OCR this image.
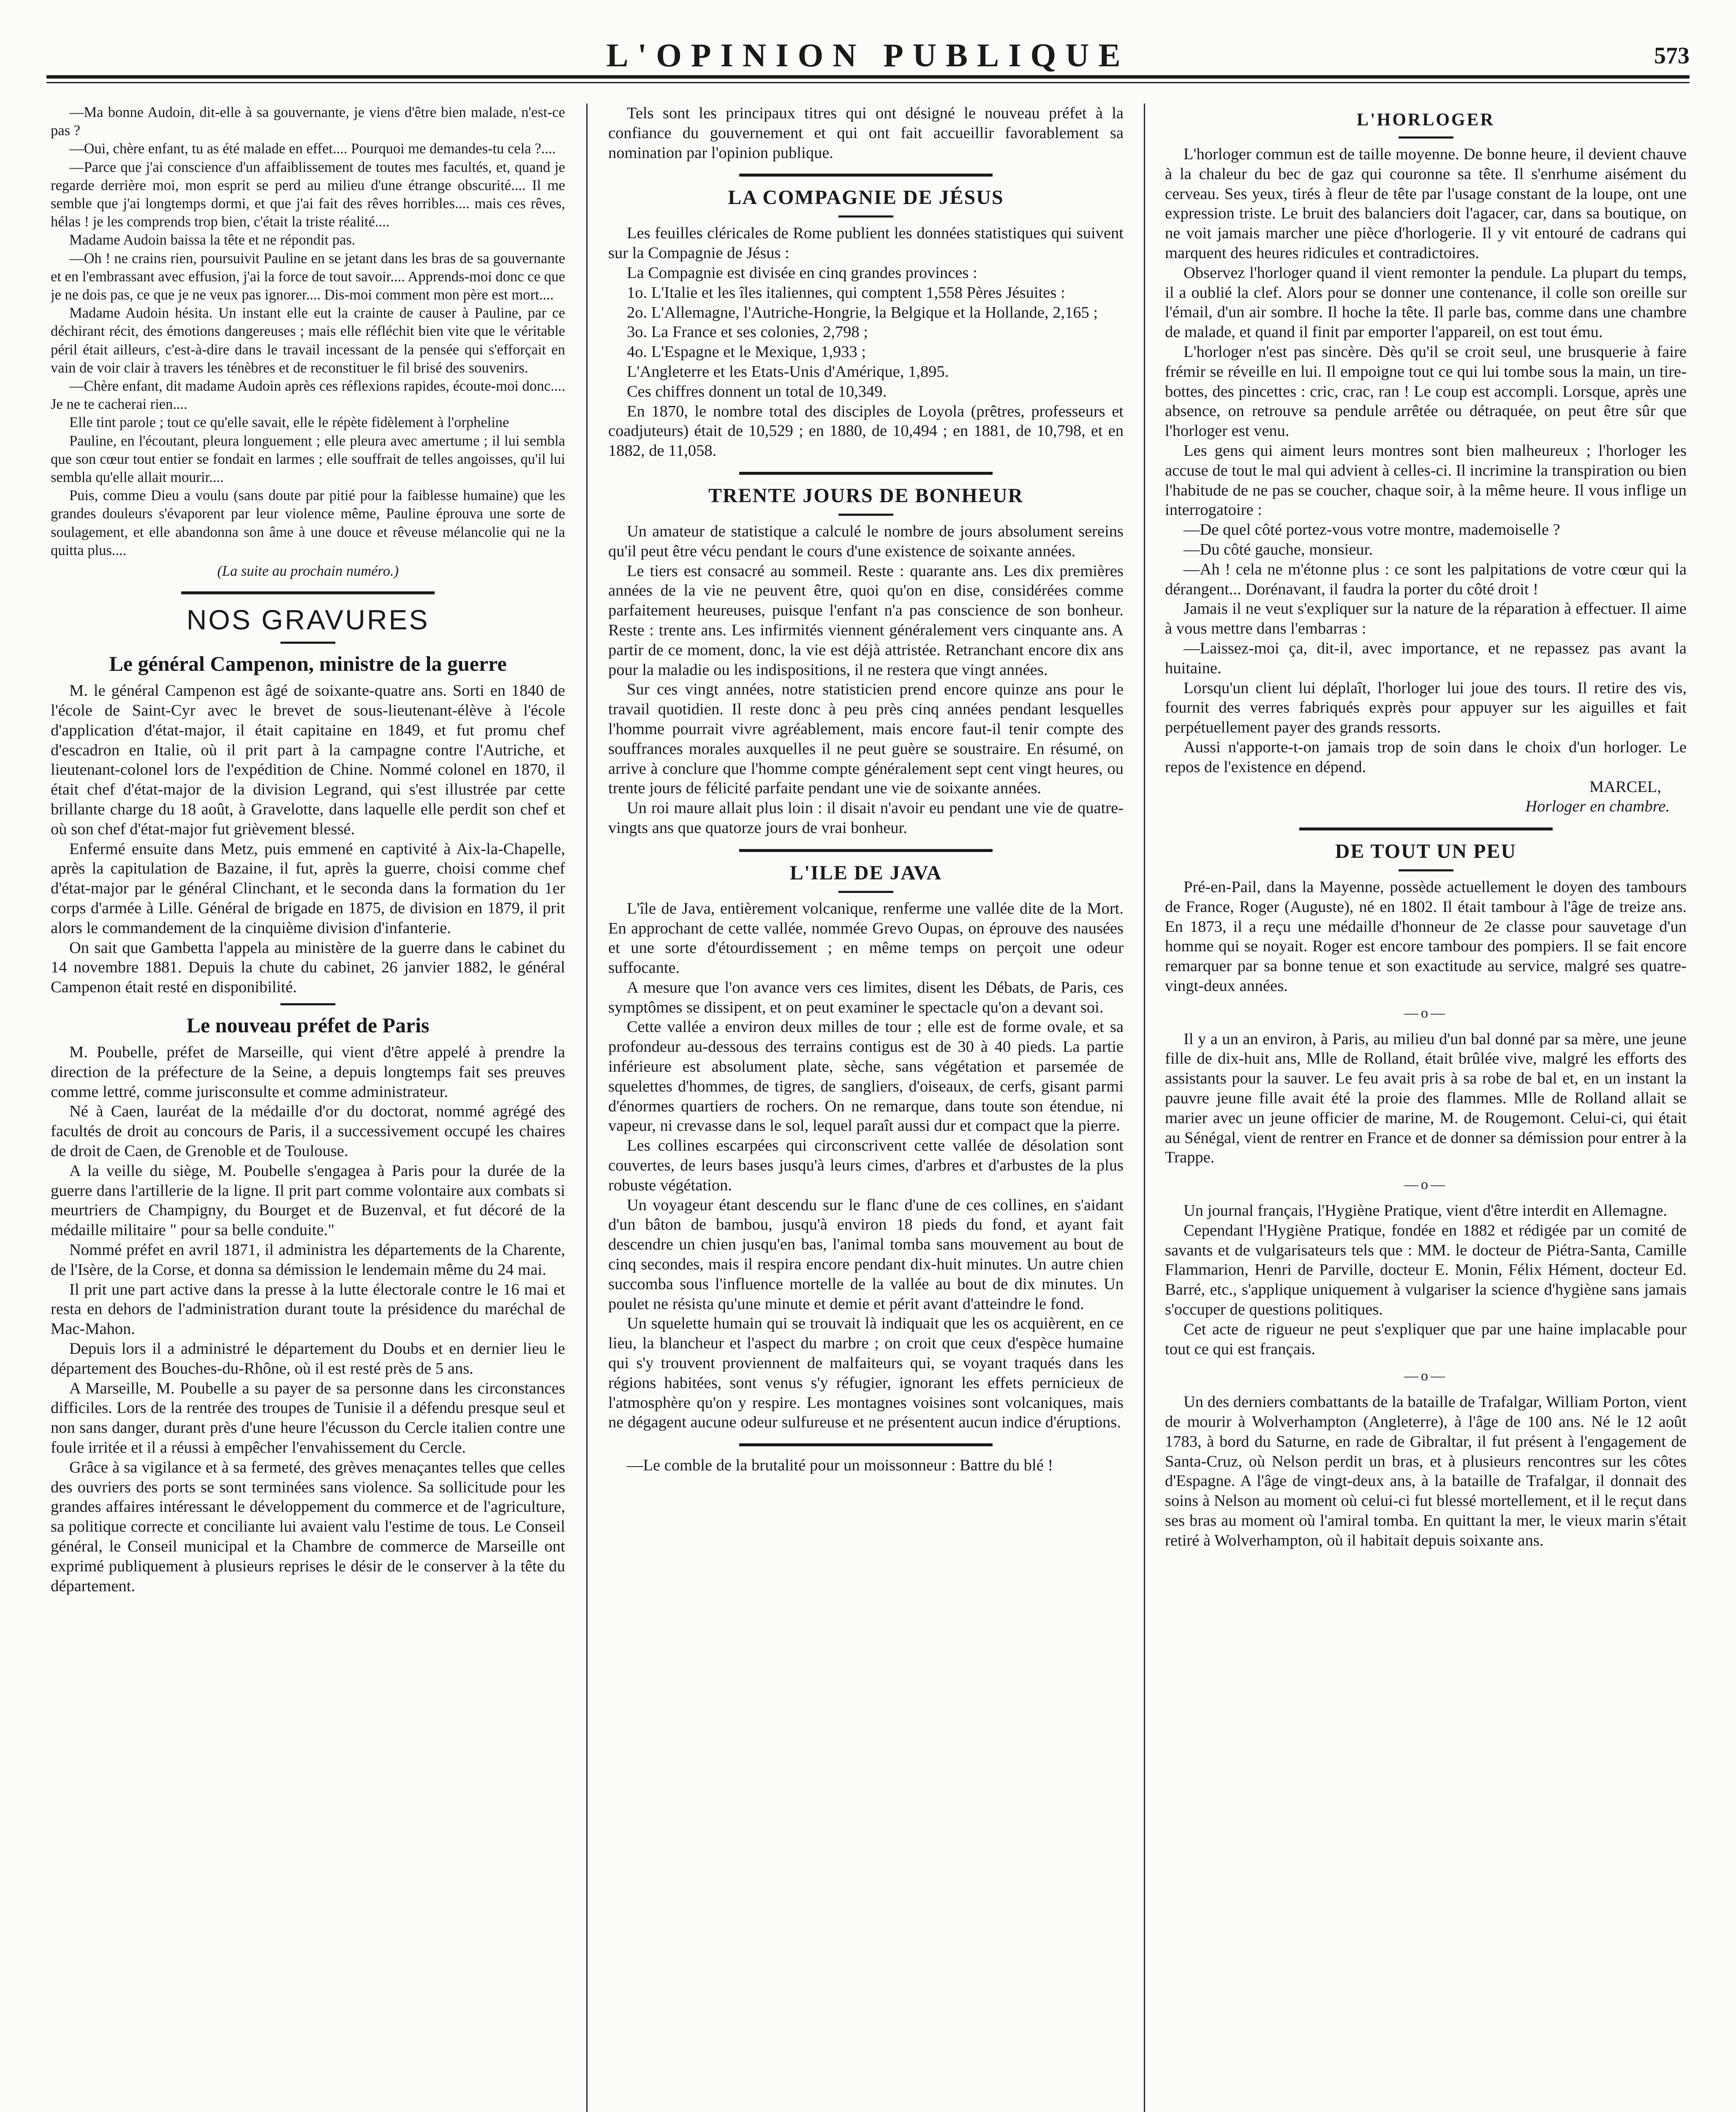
L'OPINION PUBLIQUE	573

—Ma bonne Audoin, dit-elle à sa gouvernante, je viens d'être bien malade, n'est-ce pas ?

—Oui, chère enfant, tu as été malade en effet.... Pourquoi me demandes-tu cela ?....

—Parce que j'ai conscience d'un affaiblissement de toutes mes facultés, et, quand je regarde derrière moi, mon esprit se perd au milieu d'une étrange obscurité.... Il me semble que j'ai longtemps dormi, et que j'ai fait des rêves horribles.... mais ces rêves, hélas ! je les comprends trop bien, c'était la triste réalité....

Madame Audoin baissa la tête et ne répondit pas.

—Oh ! ne crains rien, poursuivit Pauline en se jetant dans les bras de sa gouvernante et en l'embrassant avec effusion, j'ai la force de tout savoir.... Apprends-moi donc ce que je ne dois pas, ce que je ne veux pas ignorer.... Dis-moi comment mon père est mort....

Madame Audoin hésita. Un instant elle eut la crainte de causer à Pauline, par ce déchirant récit, des émotions dangereuses ; mais elle réfléchit bien vite que le véritable péril était ailleurs, c'est-à-dire dans le travail incessant de la pensée qui s'efforçait en vain de voir clair à travers les ténèbres et de reconstituer le fil brisé des souvenirs.

—Chère enfant, dit madame Audoin après ces réflexions rapides, écoute-moi donc.... Je ne te cacherai rien....

Elle tint parole ; tout ce qu'elle savait, elle le répète fidèlement à l'orpheline

Pauline, en l'écoutant, pleura longuement ; elle pleura avec amertume ; il lui sembla que son cœur tout entier se fondait en larmes ; elle souffrait de telles angoisses, qu'il lui sembla qu'elle allait mourir....

Puis, comme Dieu a voulu (sans doute par pitié pour la faiblesse humaine) que les grandes douleurs s'évaporent par leur violence même, Pauline éprouva une sorte de soulagement, et elle abandonna son âme à une douce et rêveuse mélancolie qui ne la quitta plus....

(La suite au prochain numéro.)

NOS GRAVURES
Le général Campenon, ministre de la guerre

M. le général Campenon est âgé de soixante-quatre ans. Sorti en 1840 de l'école de Saint-Cyr avec le brevet de sous-lieutenant-élève à l'école d'application d'état-major, il était capitaine en 1849, et fut promu chef d'escadron en Italie, où il prit part à la campagne contre l'Autriche, et lieutenant-colonel lors de l'expédition de Chine. Nommé colonel en 1870, il était chef d'état-major de la division Legrand, qui s'est illustrée par cette brillante charge du 18 août, à Gravelotte, dans laquelle elle perdit son chef et où son chef d'état-major fut grièvement blessé.

Enfermé ensuite dans Metz, puis emmené en captivité à Aix-la-Chapelle, après la capitulation de Bazaine, il fut, après la guerre, choisi comme chef d'état-major par le général Clinchant, et le seconda dans la formation du 1er corps d'armée à Lille. Général de brigade en 1875, de division en 1879, il prit alors le commandement de la cinquième division d'infanterie.

On sait que Gambetta l'appela au ministère de la guerre dans le cabinet du 14 novembre 1881. Depuis la chute du cabinet, 26 janvier 1882, le général Campenon était resté en disponibilité.

Le nouveau préfet de Paris

M. Poubelle, préfet de Marseille, qui vient d'être appelé à prendre la direction de la préfecture de la Seine, a depuis longtemps fait ses preuves comme lettré, comme jurisconsulte et comme administrateur.

Né à Caen, lauréat de la médaille d'or du doctorat, nommé agrégé des facultés de droit au concours de Paris, il a successivement occupé les chaires de droit de Caen, de Grenoble et de Toulouse.

A la veille du siège, M. Poubelle s'engagea à Paris pour la durée de la guerre dans l'artillerie de la ligne. Il prit part comme volontaire aux combats si meurtriers de Champigny, du Bourget et de Buzenval, et fut décoré de la médaille militaire " pour sa belle conduite."

Nommé préfet en avril 1871, il administra les départements de la Charente, de l'Isère, de la Corse, et donna sa démission le lendemain même du 24 mai.

Il prit une part active dans la presse à la lutte électorale contre le 16 mai et resta en dehors de l'administration durant toute la présidence du maréchal de Mac-Mahon.

Depuis lors il a administré le département du Doubs et en dernier lieu le département des Bouches-du-Rhône, où il est resté près de 5 ans.

A Marseille, M. Poubelle a su payer de sa personne dans les circonstances difficiles. Lors de la rentrée des troupes de Tunisie il a défendu presque seul et non sans danger, durant près d'une heure l'écusson du Cercle italien contre une foule irritée et il a réussi à empêcher l'envahissement du Cercle.

Grâce à sa vigilance et à sa fermeté, des grèves menaçantes telles que celles des ouvriers des ports se sont terminées sans violence. Sa sollicitude pour les grandes affaires intéressant le développement du commerce et de l'agriculture, sa politique correcte et conciliante lui avaient valu l'estime de tous. Le Conseil général, le Conseil municipal et la Chambre de commerce de Marseille ont exprimé publiquement à plusieurs reprises le désir de le conserver à la tête du département.

Tels sont les principaux titres qui ont désigné le nouveau préfet à la confiance du gouvernement et qui ont fait accueillir favorablement sa nomination par l'opinion publique.

LA COMPAGNIE DE JÉSUS

Les feuilles cléricales de Rome publient les données statistiques qui suivent sur la Compagnie de Jésus :

La Compagnie est divisée en cinq grandes provinces :

1o. L'Italie et les îles italiennes, qui comptent 1,558 Pères Jésuites :

2o. L'Allemagne, l'Autriche-Hongrie, la Belgique et la Hollande, 2,165 ;

3o. La France et ses colonies, 2,798 ;

4o. L'Espagne et le Mexique, 1,933 ;

L'Angleterre et les Etats-Unis d'Amérique, 1,895.

Ces chiffres donnent un total de 10,349.

En 1870, le nombre total des disciples de Loyola (prêtres, professeurs et coadjuteurs) était de 10,529 ; en 1880, de 10,494 ; en 1881, de 10,798, et en 1882, de 11,058.

TRENTE JOURS DE BONHEUR

Un amateur de statistique a calculé le nombre de jours absolument sereins qu'il peut être vécu pendant le cours d'une existence de soixante années.

Le tiers est consacré au sommeil. Reste : quarante ans. Les dix premières années de la vie ne peuvent être, quoi qu'on en dise, considérées comme parfaitement heureuses, puisque l'enfant n'a pas conscience de son bonheur. Reste : trente ans. Les infirmités viennent généralement vers cinquante ans. A partir de ce moment, donc, la vie est déjà attristée. Retranchant encore dix ans pour la maladie ou les indispositions, il ne restera que vingt années.

Sur ces vingt années, notre statisticien prend encore quinze ans pour le travail quotidien. Il reste donc à peu près cinq années pendant lesquelles l'homme pourrait vivre agréablement, mais encore faut-il tenir compte des souffrances morales auxquelles il ne peut guère se soustraire. En résumé, on arrive à conclure que l'homme compte généralement sept cent vingt heures, ou trente jours de félicité parfaite pendant une vie de soixante années.

Un roi maure allait plus loin : il disait n'avoir eu pendant une vie de quatre-vingts ans que quatorze jours de vrai bonheur.

L'ILE DE JAVA

L'île de Java, entièrement volcanique, renferme une vallée dite de la Mort. En approchant de cette vallée, nommée Grevo Oupas, on éprouve des nausées et une sorte d'étourdissement ; en même temps on perçoit une odeur suffocante.

A mesure que l'on avance vers ces limites, disent les Débats, de Paris, ces symptômes se dissipent, et on peut examiner le spectacle qu'on a devant soi.

Cette vallée a environ deux milles de tour ; elle est de forme ovale, et sa profondeur au-dessous des terrains contigus est de 30 à 40 pieds. La partie inférieure est absolument plate, sèche, sans végétation et parsemée de squelettes d'hommes, de tigres, de sangliers, d'oiseaux, de cerfs, gisant parmi d'énormes quartiers de rochers. On ne remarque, dans toute son étendue, ni vapeur, ni crevasse dans le sol, lequel paraît aussi dur et compact que la pierre.

Les collines escarpées qui circonscrivent cette vallée de désolation sont couvertes, de leurs bases jusqu'à leurs cimes, d'arbres et d'arbustes de la plus robuste végétation.

Un voyageur étant descendu sur le flanc d'une de ces collines, en s'aidant d'un bâton de bambou, jusqu'à environ 18 pieds du fond, et ayant fait descendre un chien jusqu'en bas, l'animal tomba sans mouvement au bout de cinq secondes, mais il respira encore pendant dix-huit minutes. Un autre chien succomba sous l'influence mortelle de la vallée au bout de dix minutes. Un poulet ne résista qu'une minute et demie et périt avant d'atteindre le fond.

Un squelette humain qui se trouvait là indiquait que les os acquièrent, en ce lieu, la blancheur et l'aspect du marbre ; on croit que ceux d'espèce humaine qui s'y trouvent proviennent de malfaiteurs qui, se voyant traqués dans les régions habitées, sont venus s'y réfugier, ignorant les effets pernicieux de l'atmosphère qu'on y respire. Les montagnes voisines sont volcaniques, mais ne dégagent aucune odeur sulfureuse et ne présentent aucun indice d'éruptions.

—Le comble de la brutalité pour un moissonneur : Battre du blé !

L'HORLOGER

L'horloger commun est de taille moyenne. De bonne heure, il devient chauve à la chaleur du bec de gaz qui couronne sa tête. Il s'enrhume aisément du cerveau. Ses yeux, tirés à fleur de tête par l'usage constant de la loupe, ont une expression triste. Le bruit des balanciers doit l'agacer, car, dans sa boutique, on ne voit jamais marcher une pièce d'horlogerie. Il y vit entouré de cadrans qui marquent des heures ridicules et contradictoires.

Observez l'horloger quand il vient remonter la pendule. La plupart du temps, il a oublié la clef. Alors pour se donner une contenance, il colle son oreille sur l'émail, d'un air sombre. Il hoche la tête. Il parle bas, comme dans une chambre de malade, et quand il finit par emporter l'appareil, on est tout ému.

L'horloger n'est pas sincère. Dès qu'il se croit seul, une brusquerie à faire frémir se réveille en lui. Il empoigne tout ce qui lui tombe sous la main, un tire-bottes, des pincettes : cric, crac, ran ! Le coup est accompli. Lorsque, après une absence, on retrouve sa pendule arrêtée ou détraquée, on peut être sûr que l'horloger est venu.

Les gens qui aiment leurs montres sont bien malheureux ; l'horloger les accuse de tout le mal qui advient à celles-ci. Il incrimine la transpiration ou bien l'habitude de ne pas se coucher, chaque soir, à la même heure. Il vous inflige un interrogatoire :

—De quel côté portez-vous votre montre, mademoiselle ?

—Du côté gauche, monsieur.

—Ah ! cela ne m'étonne plus : ce sont les palpitations de votre cœur qui la dérangent... Dorénavant, il faudra la porter du côté droit !

Jamais il ne veut s'expliquer sur la nature de la réparation à effectuer. Il aime à vous mettre dans l'embarras :

—Laissez-moi ça, dit-il, avec importance, et ne repassez pas avant la huitaine.

Lorsqu'un client lui déplaît, l'horloger lui joue des tours. Il retire des vis, fournit des verres fabriqués exprès pour appuyer sur les aiguilles et fait perpétuellement payer des grands ressorts.

Aussi n'apporte-t-on jamais trop de soin dans le choix d'un horloger. Le repos de l'existence en dépend.

MARCEL,

Horloger en chambre.

DE TOUT UN PEU

Pré-en-Pail, dans la Mayenne, possède actuellement le doyen des tambours de France, Roger (Auguste), né en 1802. Il était tambour à l'âge de treize ans. En 1873, il a reçu une médaille d'honneur de 2e classe pour sauvetage d'un homme qui se noyait. Roger est encore tambour des pompiers. Il se fait encore remarquer par sa bonne tenue et son exactitude au service, malgré ses quatre-vingt-deux années.

—o—

Il y a un an environ, à Paris, au milieu d'un bal donné par sa mère, une jeune fille de dix-huit ans, Mlle de Rolland, était brûlée vive, malgré les efforts des assistants pour la sauver. Le feu avait pris à sa robe de bal et, en un instant la pauvre jeune fille avait été la proie des flammes. Mlle de Rolland allait se marier avec un jeune officier de marine, M. de Rougemont. Celui-ci, qui était au Sénégal, vient de rentrer en France et de donner sa démission pour entrer à la Trappe.

—o—

Un journal français, l'Hygiène Pratique, vient d'être interdit en Allemagne.

Cependant l'Hygiène Pratique, fondée en 1882 et rédigée par un comité de savants et de vulgarisateurs tels que : MM. le docteur de Piétra-Santa, Camille Flammarion, Henri de Parville, docteur E. Monin, Félix Hément, docteur Ed. Barré, etc., s'applique uniquement à vulgariser la science d'hygiène sans jamais s'occuper de questions politiques.

Cet acte de rigueur ne peut s'expliquer que par une haine implacable pour tout ce qui est français.

—o—

Un des derniers combattants de la bataille de Trafalgar, William Porton, vient de mourir à Wolverhampton (Angleterre), à l'âge de 100 ans. Né le 12 août 1783, à bord du Saturne, en rade de Gibraltar, il fut présent à l'engagement de Santa-Cruz, où Nelson perdit un bras, et à plusieurs rencontres sur les côtes d'Espagne. A l'âge de vingt-deux ans, à la bataille de Trafalgar, il donnait des soins à Nelson au moment où celui-ci fut blessé mortellement, et il le reçut dans ses bras au moment où l'amiral tomba. En quittant la mer, le vieux marin s'était retiré à Wolverhampton, où il habitait depuis soixante ans.
